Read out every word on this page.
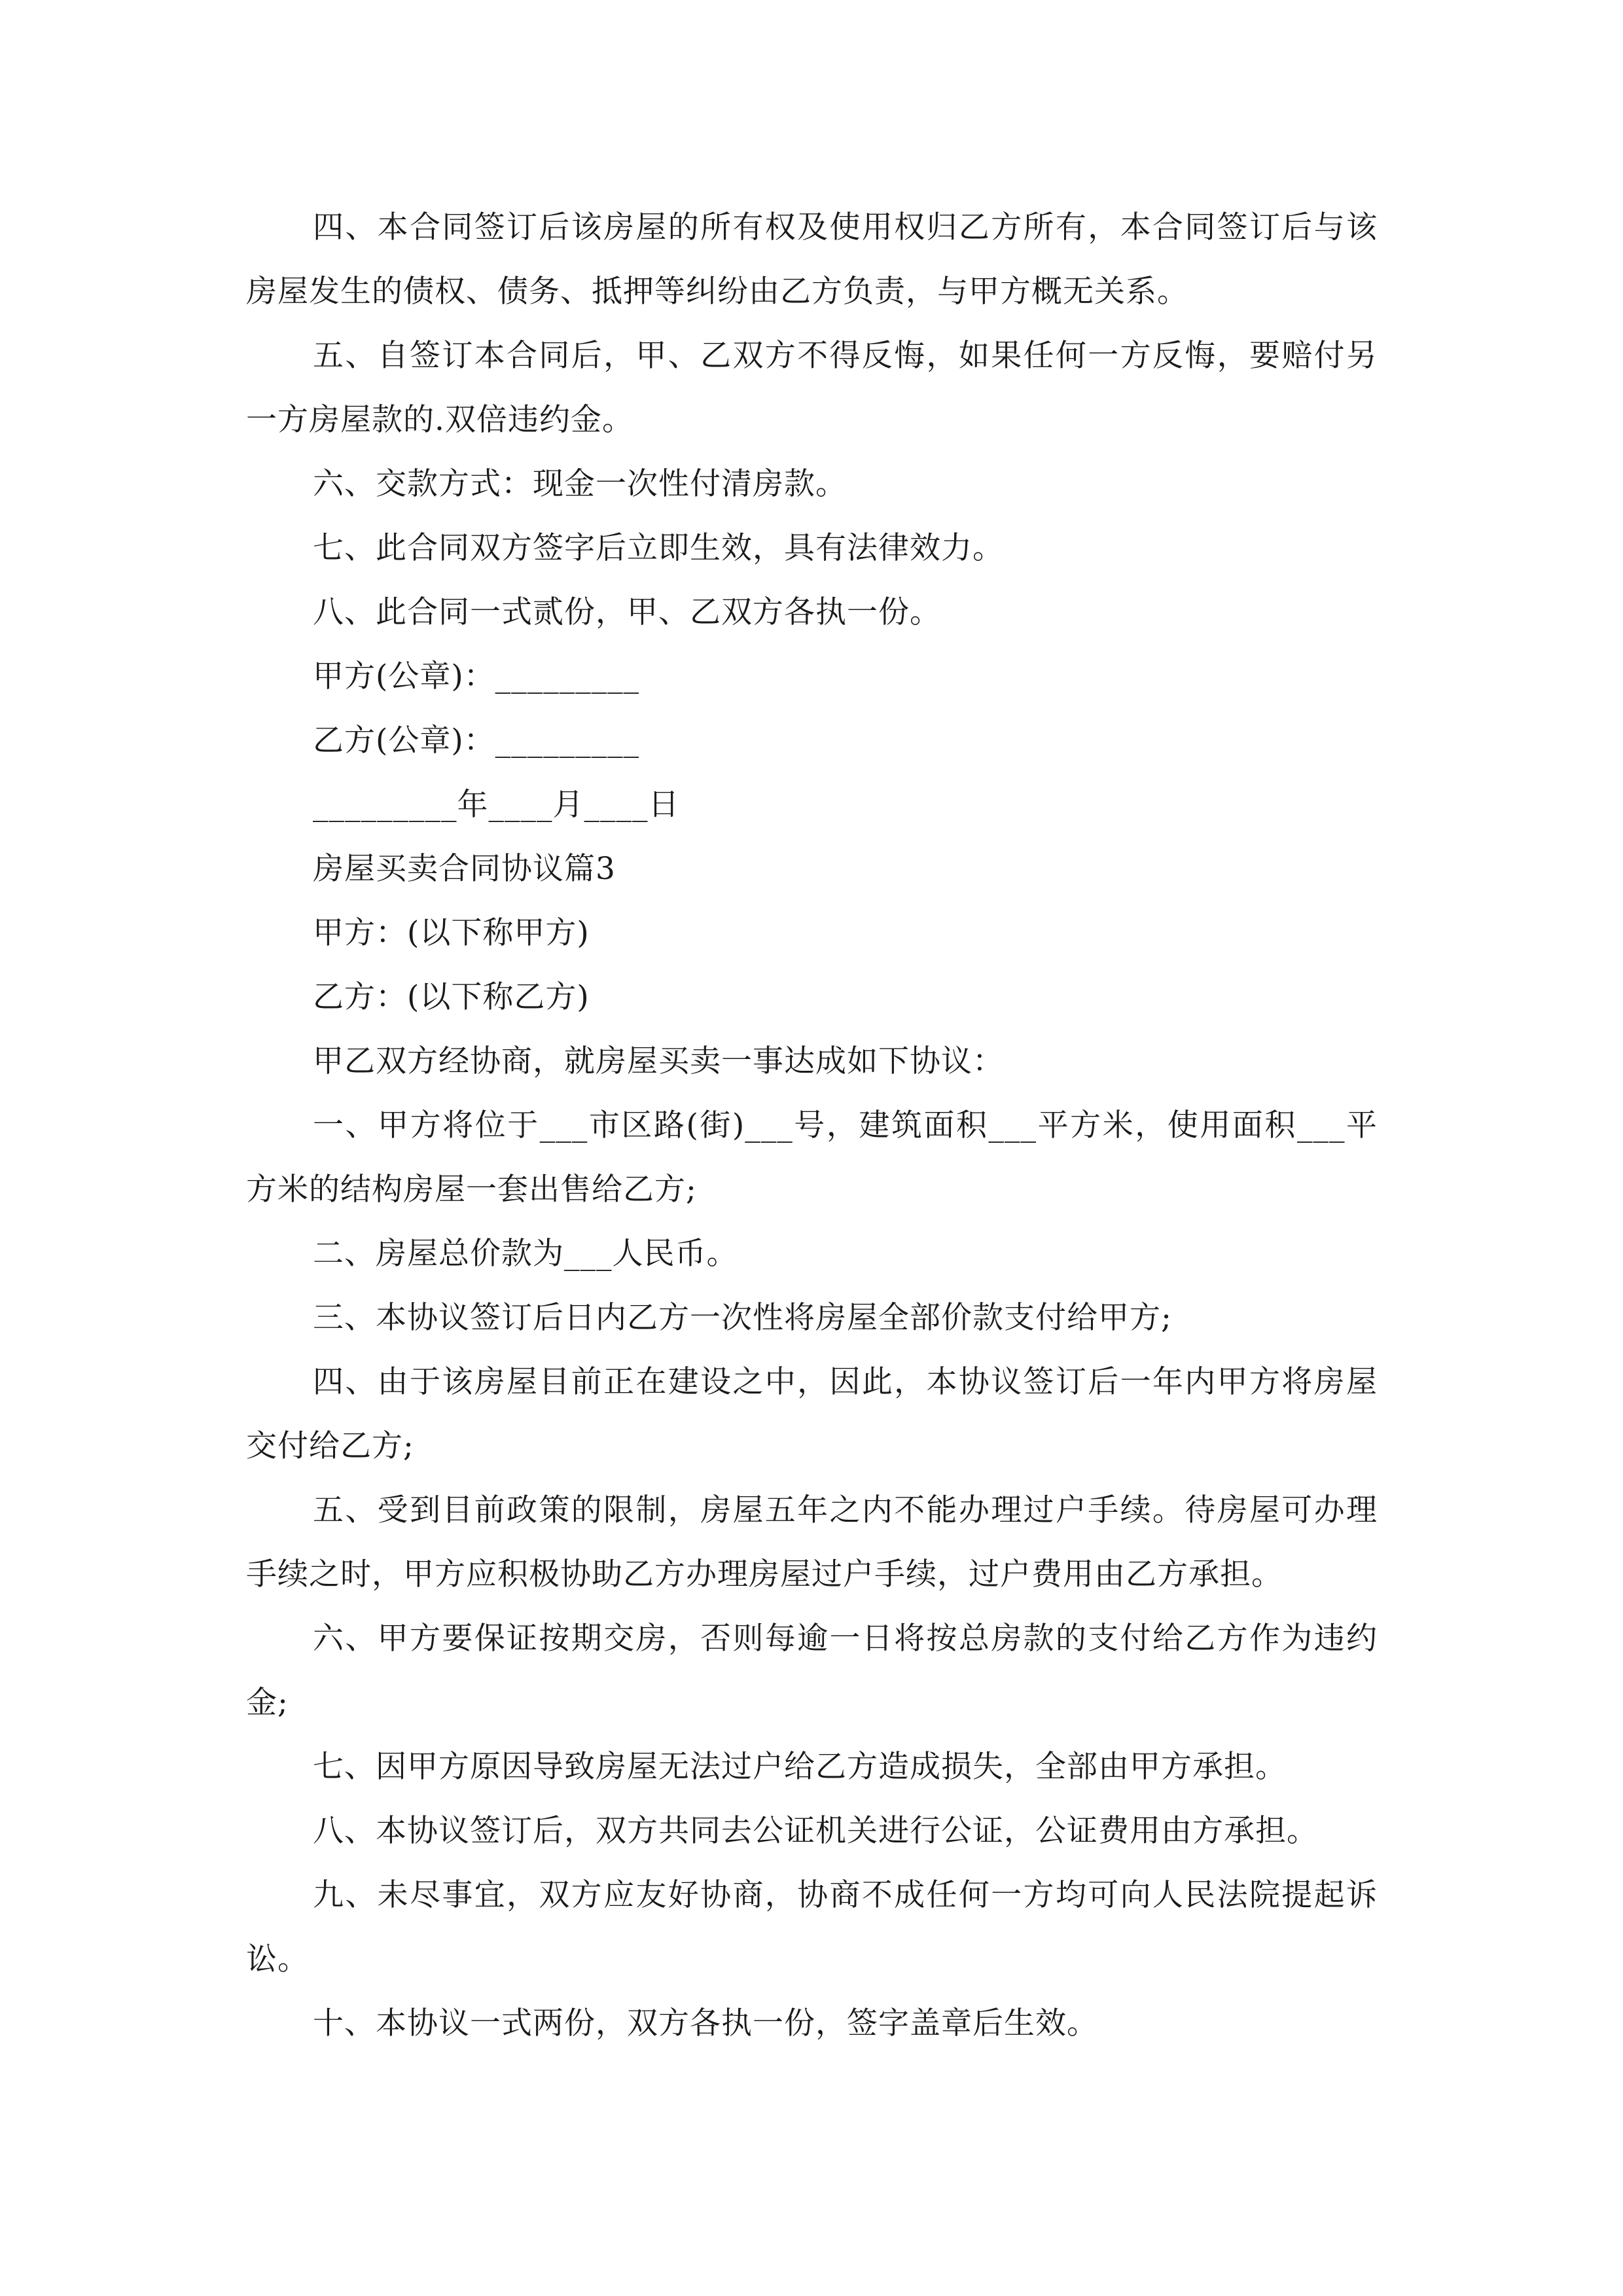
四、本合同签订后该房屋的所有权及使用权归乙方所有，本合同签订后与该
房屋发生的债权、债务、抵押等纠纷由乙方负责，与甲方概无关系。
五、自签订本合同后，甲、乙双方不得反悔，如果任何一方反悔，要赔付另
一方房屋款的.双倍违约金。
六、交款方式：现金一次性付清房款。
七、此合同双方签字后立即生效，具有法律效力。
八、此合同一式贰份，甲、乙双方各执一份。
甲方(公章)：_________
乙方(公章)：_________
_________年____月____日
房屋买卖合同协议篇3
甲方：(以下称甲方)
乙方：(以下称乙方)
甲乙双方经协商，就房屋买卖一事达成如下协议：
一、甲方将位于___市区路(街)___号，建筑面积___平方米，使用面积___平
方米的结构房屋一套出售给乙方;
二、房屋总价款为___人民币。
三、本协议签订后日内乙方一次性将房屋全部价款支付给甲方;
四、由于该房屋目前正在建设之中，因此，本协议签订后一年内甲方将房屋
交付给乙方;
五、受到目前政策的限制，房屋五年之内不能办理过户手续。待房屋可办理
手续之时，甲方应积极协助乙方办理房屋过户手续，过户费用由乙方承担。
六、甲方要保证按期交房，否则每逾一日将按总房款的支付给乙方作为违约
金;
七、因甲方原因导致房屋无法过户给乙方造成损失，全部由甲方承担。
八、本协议签订后，双方共同去公证机关进行公证，公证费用由方承担。
九、未尽事宜，双方应友好协商，协商不成任何一方均可向人民法院提起诉
讼。
十、本协议一式两份，双方各执一份，签字盖章后生效。
